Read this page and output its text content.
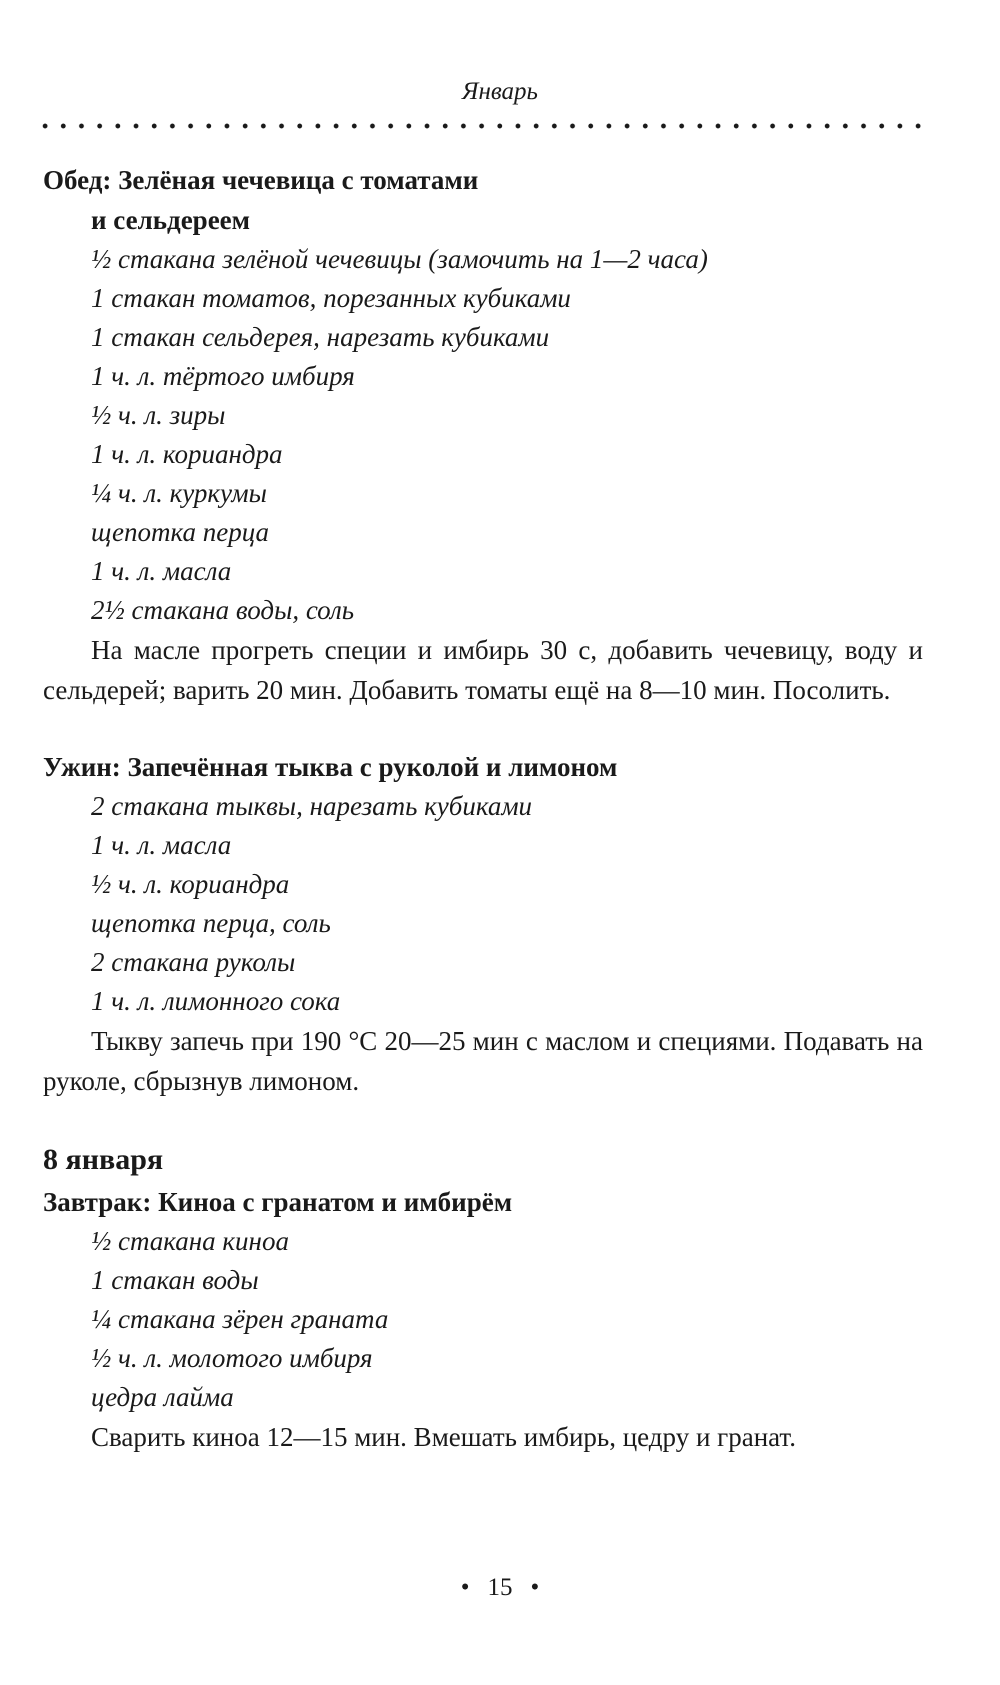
Январь
Обед: Зелёная чечевица с томатами
и сельдереем
½ стакана зелёной чечевицы (замочить на 1—2 часа)
1 стакан томатов, порезанных кубиками
1 стакан сельдерея, нарезать кубиками
1 ч. л. тёртого имбиря
½ ч. л. зиры
1 ч. л. кориандра
¼ ч. л. куркумы
щепотка перца
1 ч. л. масла
2½ стакана воды, соль

На масле прогреть специи и имбирь 30 с, добавить чечевицу, воду и сельдерей; варить 20 мин. Добавить томаты ещё на 8—10 мин. Посолить.

Ужин: Запечённая тыква с руколой и лимоном
2 стакана тыквы, нарезать кубиками
1 ч. л. масла
½ ч. л. кориандра
щепотка перца, соль
2 стакана руколы
1 ч. л. лимонного сока

Тыкву запечь при 190 °C 20—25 мин с маслом и специями. Подавать на руколе, сбрызнув лимоном.

8 января
Завтрак: Киноа с гранатом и имбирём
½ стакана киноа
1 стакан воды
¼ стакана зёрен граната
½ ч. л. молотого имбиря
цедра лайма

Сварить киноа 12—15 мин. Вмешать имбирь, цедру и гранат.

• 15 •
